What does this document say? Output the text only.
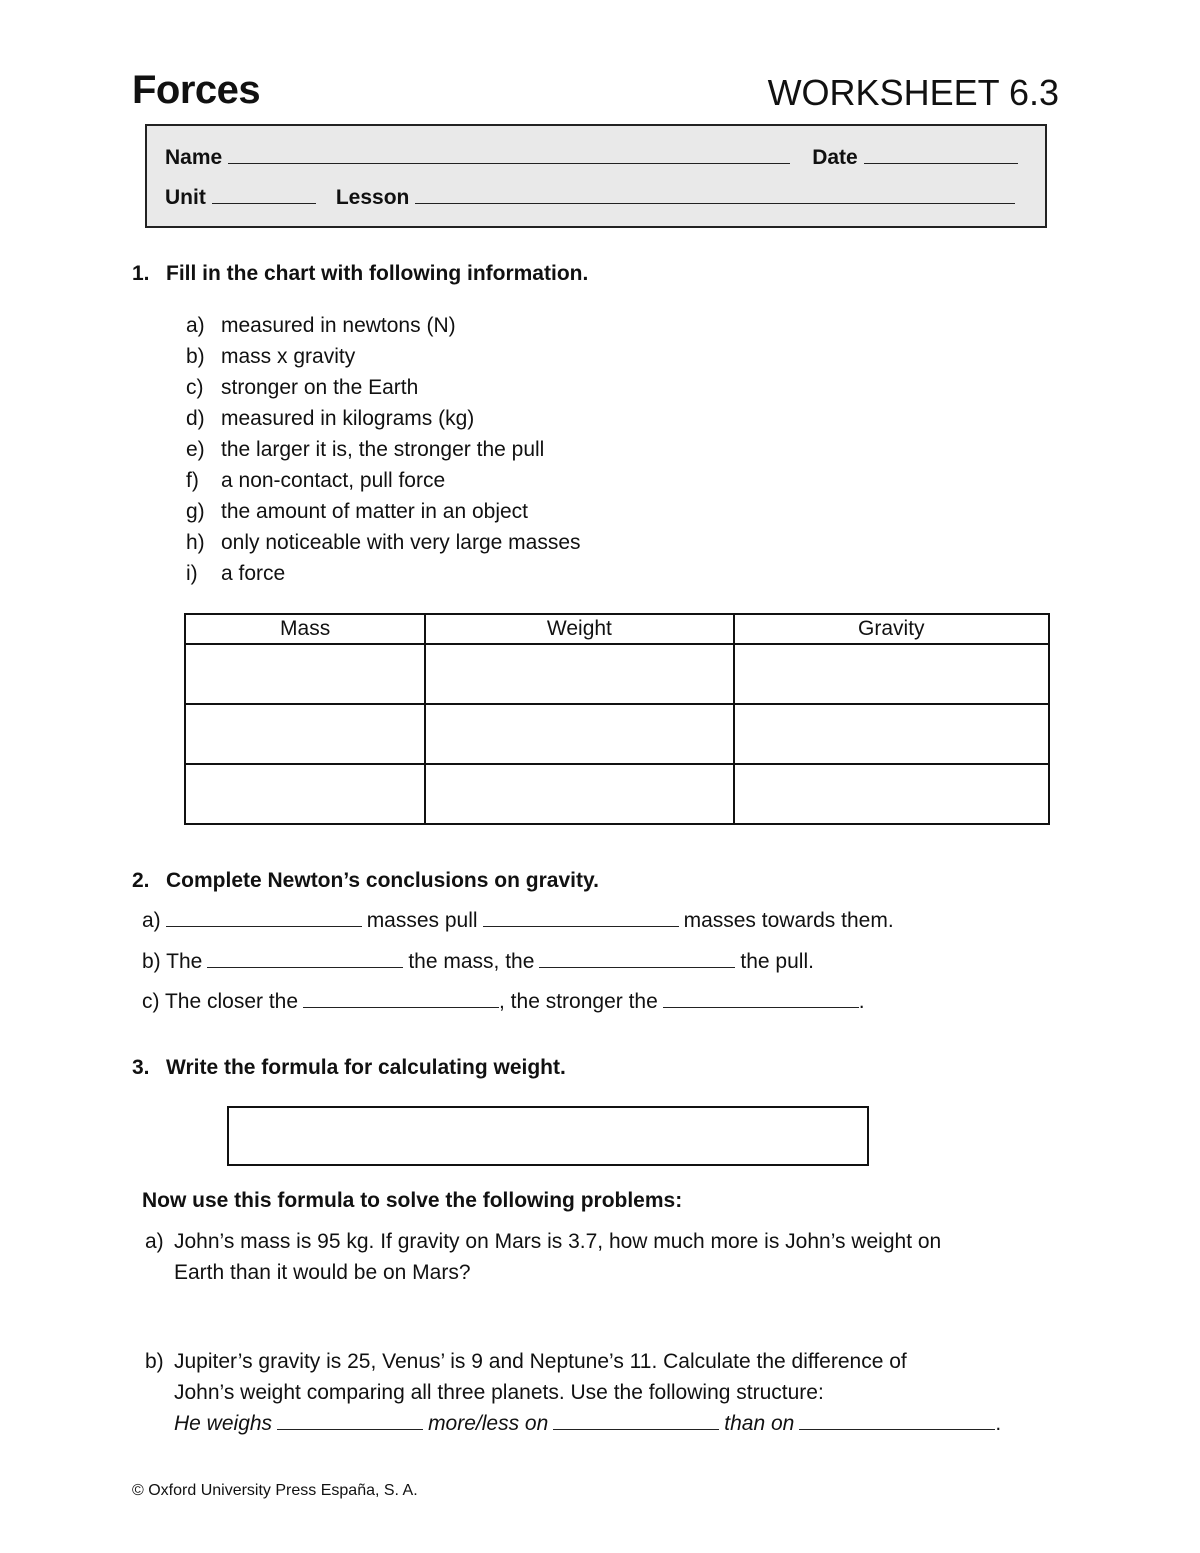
Forces	WORKSHEET 6.3
Name	Date
Unit	Lesson
1. Fill in the chart with following information.
a) measured in newtons (N)
b) mass x gravity
c) stronger on the Earth
d) measured in kilograms (kg)
e) the larger it is, the stronger the pull
f)	a non-contact, pull force
g) the amount of matter in an object
h) only noticeable with very large masses
i)	a force
Mass	Weight	Gravity

2. Complete Newton’s conclusions on gravity.
a)	masses pull	masses towards them.
b) The	the mass, the	the pull.
c) The closer the	, the stronger the	.
3. Write the formula for calculating weight.
Now use this formula to solve the following problems:
a) John’s mass is 95 kg. If gravity on Mars is 3.7, how much more is John’s weight on
Earth than it would be on Mars?
b) Jupiter’s gravity is 25, Venus’ is 9 and Neptune’s 11. Calculate the difference of
John’s weight comparing all three planets. Use the following structure:
He weighs	more/less on	than on	.
© Oxford University Press España, S. A.
